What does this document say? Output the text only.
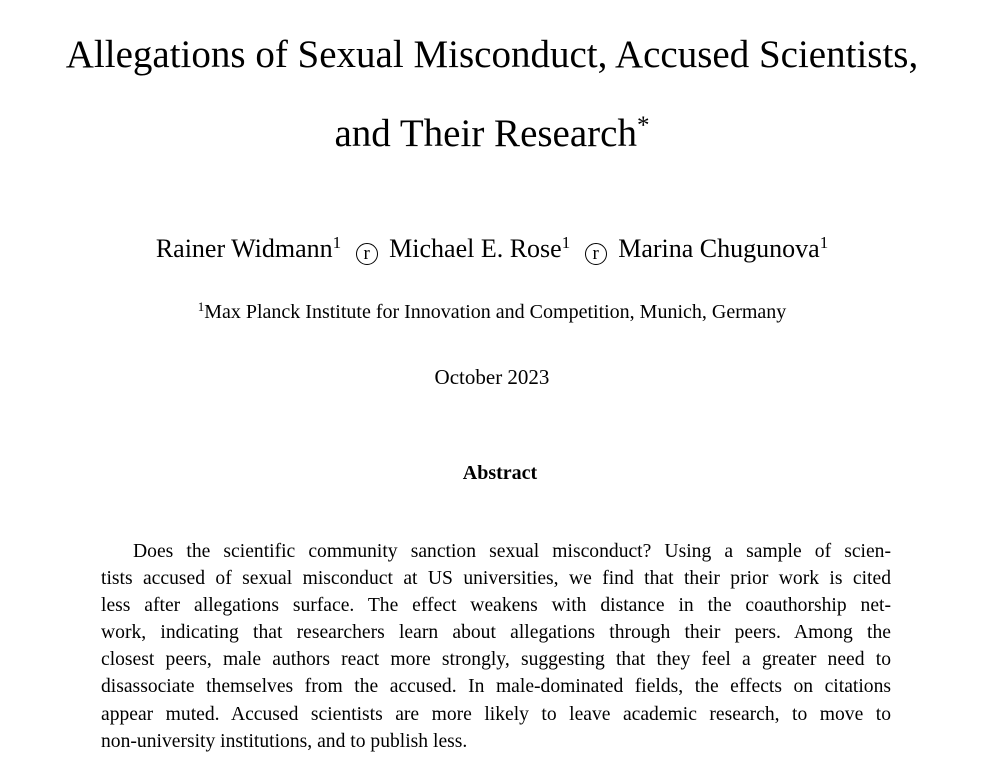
Allegations of Sexual Misconduct, Accused Scientists,
and Their Research*
Rainer Widmann$^1$ r Michael E. Rose$^1$ r Marina Chugunova$^1$
$^1$Max Planck Institute for Innovation and Competition, Munich, Germany
October 2023
Abstract
Does the scientific community sanction sexual misconduct? Using a sample of scien-
tists accused of sexual misconduct at US universities, we find that their prior work is cited
less after allegations surface. The effect weakens with distance in the coauthorship net-
work, indicating that researchers learn about allegations through their peers. Among the
closest peers, male authors react more strongly, suggesting that they feel a greater need to
disassociate themselves from the accused. In male-dominated fields, the effects on citations
appear muted. Accused scientists are more likely to leave academic research, to move to
non-university institutions, and to publish less.
